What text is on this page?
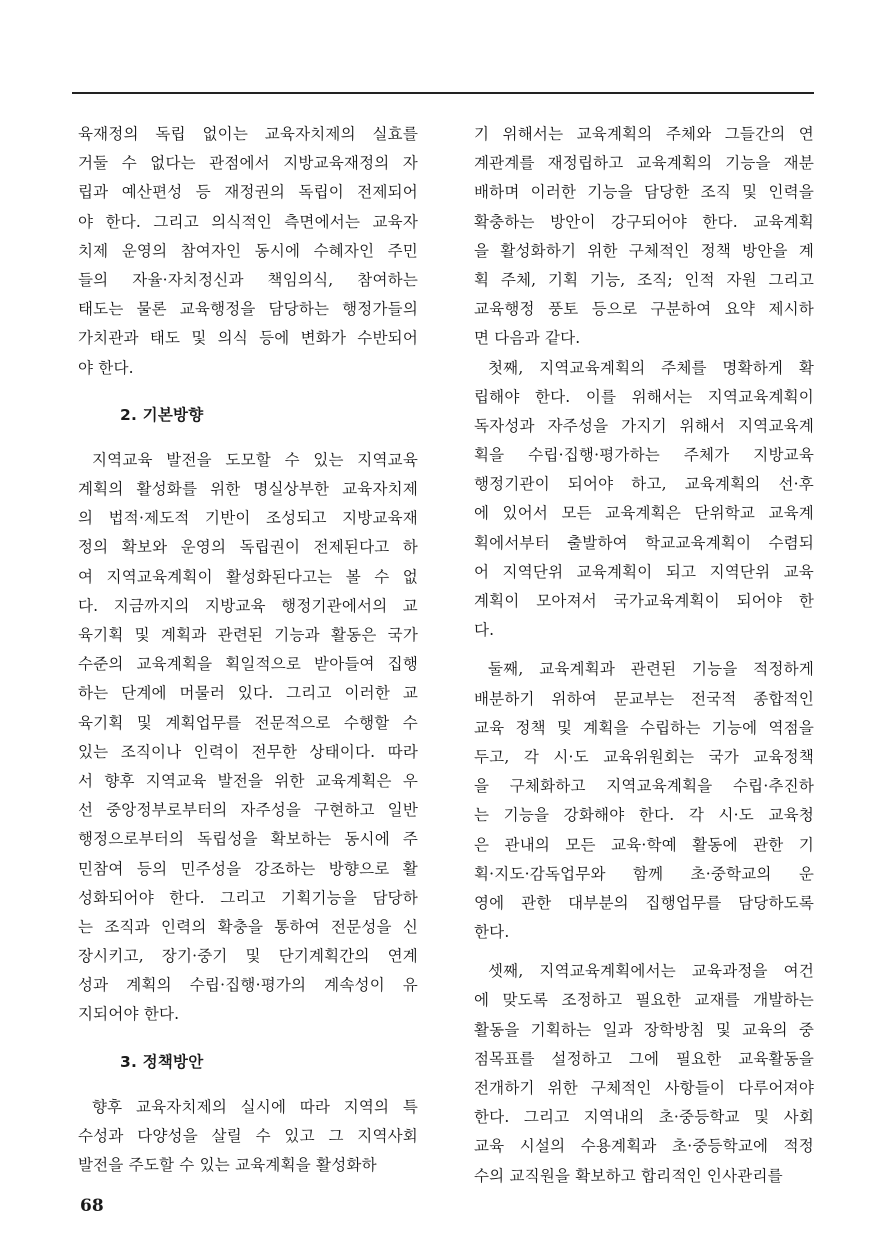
육재정의 독립 없이는 교육자치제의 실효를
거둘 수 없다는 관점에서 지방교육재정의 자
립과 예산편성 등 재정권의 독립이 전제되어
야 한다. 그리고 의식적인 측면에서는 교육자
치제 운영의 참여자인 동시에 수혜자인 주민
들의 자율·자치정신과 책임의식, 참여하는
태도는 물론 교육행정을 담당하는 행정가들의
가치관과 태도 및 의식 등에 변화가 수반되어
야 한다.
2. 기본방향
지역교육 발전을 도모할 수 있는 지역교육
계획의 활성화를 위한 명실상부한 교육자치제
의 법적·제도적 기반이 조성되고 지방교육재
정의 확보와 운영의 독립권이 전제된다고 하
여 지역교육계획이 활성화된다고는 볼 수 없
다. 지금까지의 지방교육 행정기관에서의 교
육기획 및 계획과 관련된 기능과 활동은 국가
수준의 교육계획을 획일적으로 받아들여 집행
하는 단계에 머물러 있다. 그리고 이러한 교
육기획 및 계획업무를 전문적으로 수행할 수
있는 조직이나 인력이 전무한 상태이다. 따라
서 향후 지역교육 발전을 위한 교육계획은 우
선 중앙정부로부터의 자주성을 구현하고 일반
행정으로부터의 독립성을 확보하는 동시에 주
민참여 등의 민주성을 강조하는 방향으로 활
성화되어야 한다. 그리고 기획기능을 담당하
는 조직과 인력의 확충을 통하여 전문성을 신
장시키고, 장기·중기 및 단기계획간의 연계
성과 계획의 수립·집행·평가의 계속성이 유
지되어야 한다.
3. 정책방안
향후 교육자치제의 실시에 따라 지역의 특
수성과 다양성을 살릴 수 있고 그 지역사회
발전을 주도할 수 있는 교육계획을 활성화하
기 위해서는 교육계획의 주체와 그들간의 연
계관계를 재정립하고 교육계획의 기능을 재분
배하며 이러한 기능을 담당한 조직 및 인력을
확충하는 방안이 강구되어야 한다. 교육계획
을 활성화하기 위한 구체적인 정책 방안을 계
획 주체, 기획 기능, 조직; 인적 자원 그리고
교육행정 풍토 등으로 구분하여 요약 제시하
면 다음과 같다.
첫째, 지역교육계획의 주체를 명확하게 확
립해야 한다. 이를 위해서는 지역교육계획이
독자성과 자주성을 가지기 위해서 지역교육계
획을 수립·집행·평가하는 주체가 지방교육
행정기관이 되어야 하고, 교육계획의 선·후
에 있어서 모든 교육계획은 단위학교 교육계
획에서부터 출발하여 학교교육계획이 수렴되
어 지역단위 교육계획이 되고 지역단위 교육
계획이 모아져서 국가교육계획이 되어야 한
다.
둘째, 교육계획과 관련된 기능을 적정하게
배분하기 위하여 문교부는 전국적 종합적인
교육 정책 및 계획을 수립하는 기능에 역점을
두고, 각 시·도 교육위원회는 국가 교육정책
을 구체화하고 지역교육계획을 수립·추진하
는 기능을 강화해야 한다. 각 시·도 교육청
은 관내의 모든 교육·학예 활동에 관한 기
획·지도·감독업무와 함께 초·중학교의 운
영에 관한 대부분의 집행업무를 담당하도록
한다.
셋째, 지역교육계획에서는 교육과정을 여건
에 맞도록 조정하고 필요한 교재를 개발하는
활동을 기획하는 일과 장학방침 및 교육의 중
점목표를 설정하고 그에 필요한 교육활동을
전개하기 위한 구체적인 사항들이 다루어져야
한다. 그리고 지역내의 초·중등학교 및 사회
교육 시설의 수용계획과 초·중등학교에 적정
수의 교직원을 확보하고 합리적인 인사관리를
68
